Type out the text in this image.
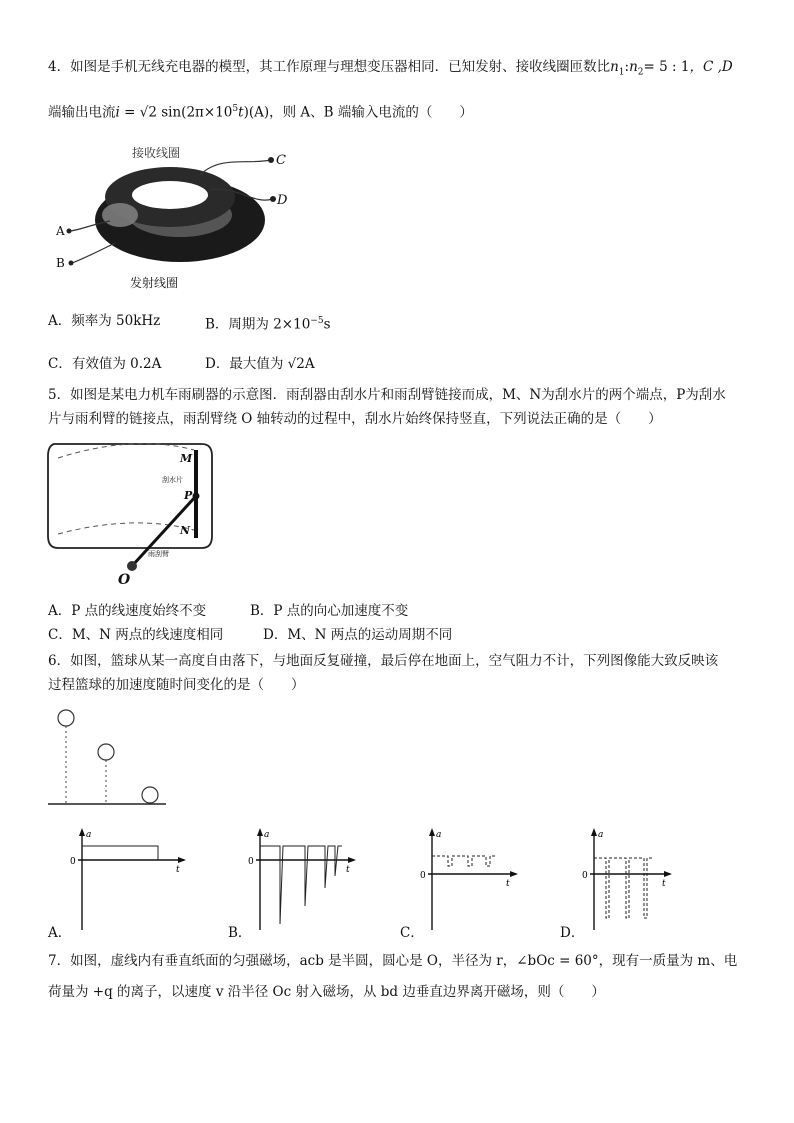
4．如图是手机无线充电器的模型，其工作原理与理想变压器相同．已知发射、接收线圈匝数比$n_1:n_2= 5$ : 1，C ,D
端输出电流i = √2 $\sin(2\pi\times 10^5t)(A)$，则 A、B 端输入电流的（　　）
接收线圈
发射线圈
C
D
A
B
A．频率为 50kHz	B．周期为 $2\times 10^{-5}s$
C．有效值为 0.2A	D．最大值为 √2A
5．如图是某电力机车雨刷器的示意图．雨刮器由刮水片和雨刮臂链接而成，M、N为刮水片的两个端点，P为刮水
片与雨利臂的链接点，雨刮臂绕 O 轴转动的过程中，刮水片始终保持竖直，下列说法正确的是（　　）
M
P
N
刮水片
雨刮臂
O
A．P 点的线速度始终不变	B．P 点的向心加速度不变
C．M、N 两点的线速度相同	D．M、N 两点的运动周期不同
6．如图，篮球从某一高度自由落下，与地面反复碰撞，最后停在地面上，空气阻力不计，下列图像能大致反映该
过程篮球的加速度随时间变化的是（　　）
a
t
0
a
t
0
a
t
0
a
t
0
A．	B．	C．	D．
7．如图，虚线内有垂直纸面的匀强磁场，acb 是半圆，圆心是 O，半径为 r，∠bOc = 60°，现有一质量为 m、电
荷量为 +q 的离子，以速度 v 沿半径 Oc 射入磁场，从 bd 边垂直边界离开磁场，则（　　）
